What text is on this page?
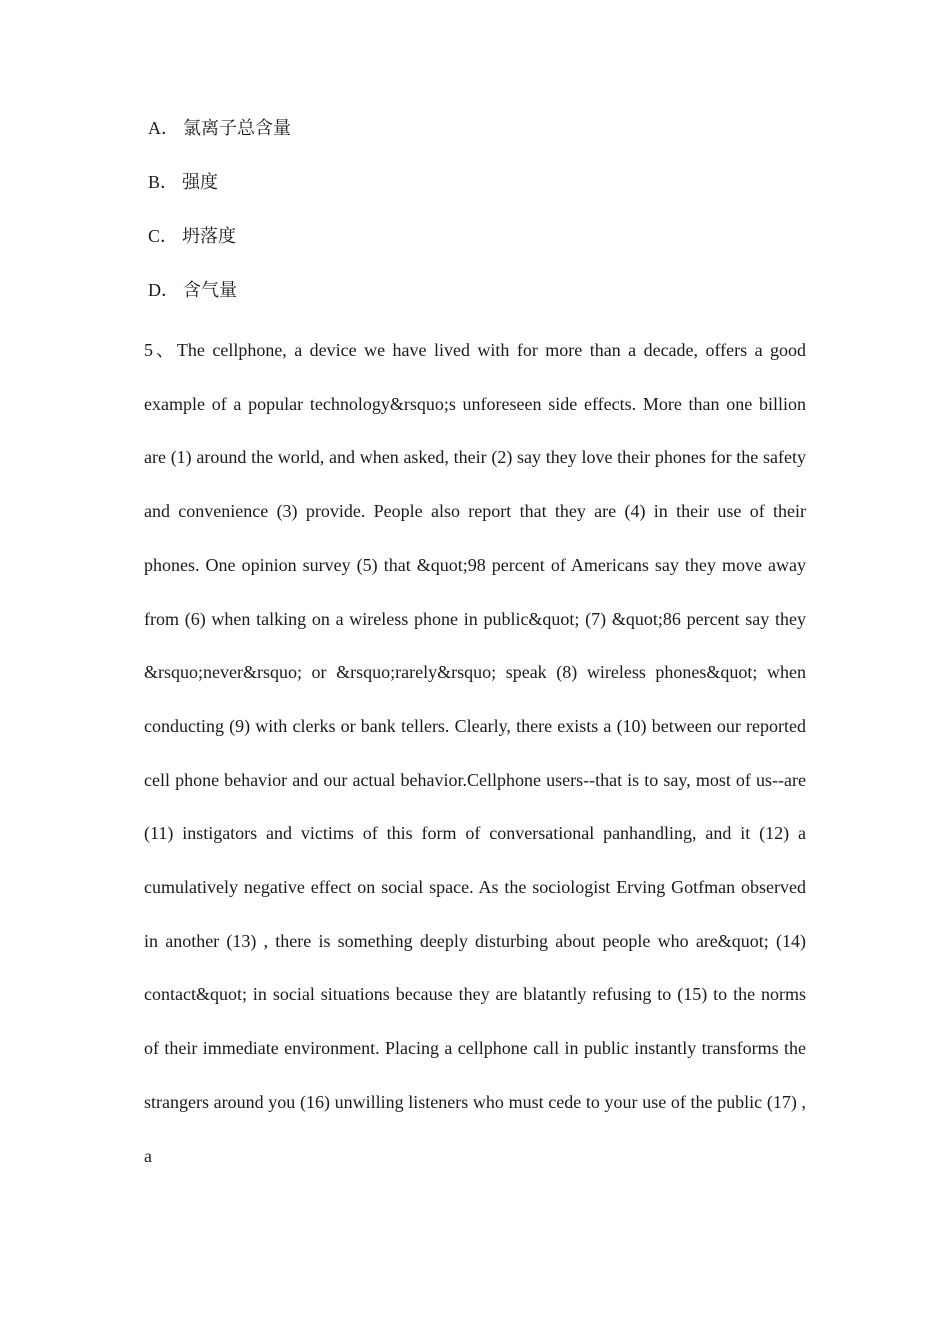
A． 氯离子总含量
B． 强度
C． 坍落度
D． 含气量
5、The cellphone, a device we have lived with for more than a decade, offers a good example of a popular technology&rsquo;s unforeseen side effects. More than one billion are (1) around the world, and when asked, their (2) say they love their phones for the safety and convenience (3) provide. People also report that they are (4) in their use of their phones. One opinion survey (5) that &quot;98 percent of Americans say they move away from (6) when talking on a wireless phone in public&quot; (7) &quot;86 percent say they &rsquo;never&rsquo; or &rsquo;rarely&rsquo; speak (8) wireless phones&quot; when conducting (9) with clerks or bank tellers. Clearly, there exists a (10) between our reported cell phone behavior and our actual behavior.Cellphone users--that is to say, most of us--are (11) instigators and victims of this form of conversational panhandling, and it (12) a cumulatively negative effect on social space. As the sociologist Erving Gotfman observed in another (13) , there is something deeply disturbing about people who are&quot; (14) contact&quot; in social situations because they are blatantly refusing to (15) to the norms of their immediate environment. Placing a cellphone call in public instantly transforms the strangers around you (16) unwilling listeners who must cede to your use of the public (17) , a
